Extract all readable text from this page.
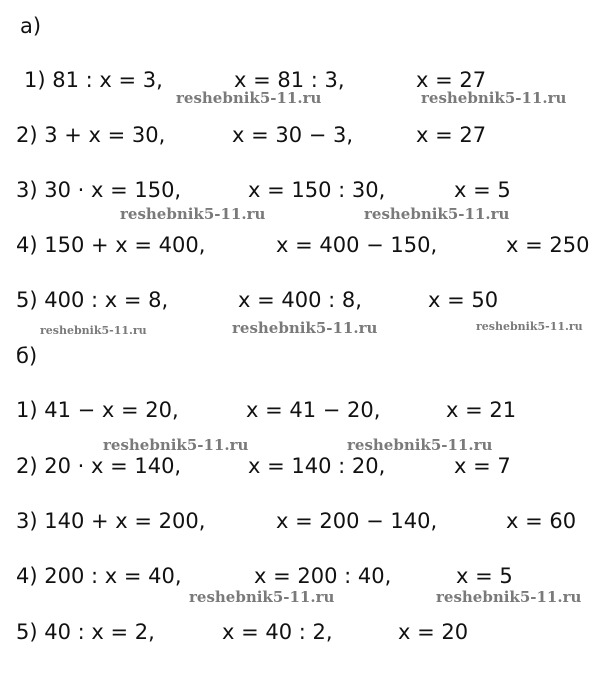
а)
1) 81 : x = 3,	x = 81 : 3,	x = 27
2) 3 + x = 30,	x = 30 − 3,	x = 27
3) 30 · x = 150,	x = 150 : 30,	x = 5
4) 150 + x = 400,	x = 400 − 150,	x = 250
5) 400 : x = 8,	x = 400 : 8,	x = 50
б)
1) 41 − x = 20,	x = 41 − 20,	x = 21
2) 20 · x = 140,	x = 140 : 20,	x = 7
3) 140 + x = 200,	x = 200 − 140,	x = 60
4) 200 : x = 40,	x = 200 : 40,	x = 5
5) 40 : x = 2,	x = 40 : 2,	x = 20
reshebnik5-11.ru	reshebnik5-11.ru
reshebnik5-11.ru	reshebnik5-11.ru
reshebnik5-11.ru	reshebnik5-11.ru	reshebnik5-11.ru
reshebnik5-11.ru	reshebnik5-11.ru
reshebnik5-11.ru	reshebnik5-11.ru
